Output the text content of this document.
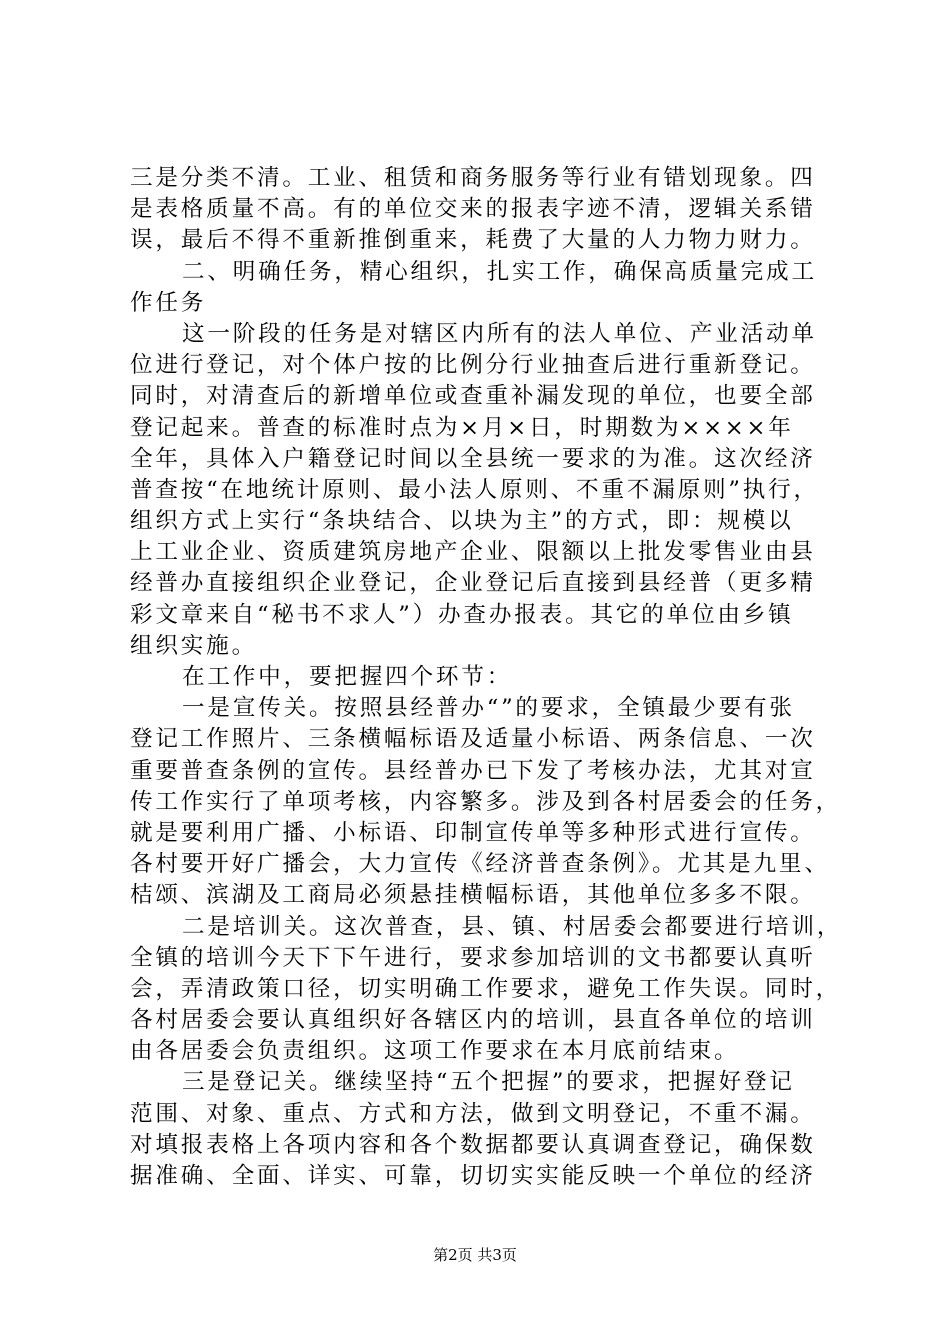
三是分类不清。工业、租赁和商务服务等行业有错划现象。四
是表格质量不高。有的单位交来的报表字迹不清，逻辑关系错
误，最后不得不重新推倒重来，耗费了大量的人力物力财力。
二、明确任务，精心组织，扎实工作，确保高质量完成工
作任务
这一阶段的任务是对辖区内所有的法人单位、产业活动单
位进行登记，对个体户按的比例分行业抽查后进行重新登记。
同时，对清查后的新增单位或查重补漏发现的单位，也要全部
登记起来。普查的标准时点为×月×日，时期数为××××年
全年，具体入户籍登记时间以全县统一要求的为准。这次经济
普查按“在地统计原则、最小法人原则、不重不漏原则”执行，
组织方式上实行“条块结合、以块为主”的方式，即：规模以
上工业企业、资质建筑房地产企业、限额以上批发零售业由县
经普办直接组织企业登记，企业登记后直接到县经普（更多精
彩文章来自“秘书不求人”）办查办报表。其它的单位由乡镇
组织实施。
在工作中，要把握四个环节：
一是宣传关。按照县经普办“”的要求，全镇最少要有张
登记工作照片、三条横幅标语及适量小标语、两条信息、一次
重要普查条例的宣传。县经普办已下发了考核办法，尤其对宣
传工作实行了单项考核，内容繁多。涉及到各村居委会的任务，
就是要利用广播、小标语、印制宣传单等多种形式进行宣传。
各村要开好广播会，大力宣传《经济普查条例》。尤其是九里、
桔颂、滨湖及工商局必须悬挂横幅标语，其他单位多多不限。
二是培训关。这次普查，县、镇、村居委会都要进行培训，
全镇的培训今天下下午进行，要求参加培训的文书都要认真听
会，弄清政策口径，切实明确工作要求，避免工作失误。同时，
各村居委会要认真组织好各辖区内的培训，县直各单位的培训
由各居委会负责组织。这项工作要求在本月底前结束。
三是登记关。继续坚持“五个把握”的要求，把握好登记
范围、对象、重点、方式和方法，做到文明登记，不重不漏。
对填报表格上各项内容和各个数据都要认真调查登记，确保数
据准确、全面、详实、可靠，切切实实能反映一个单位的经济
第2页 共3页
